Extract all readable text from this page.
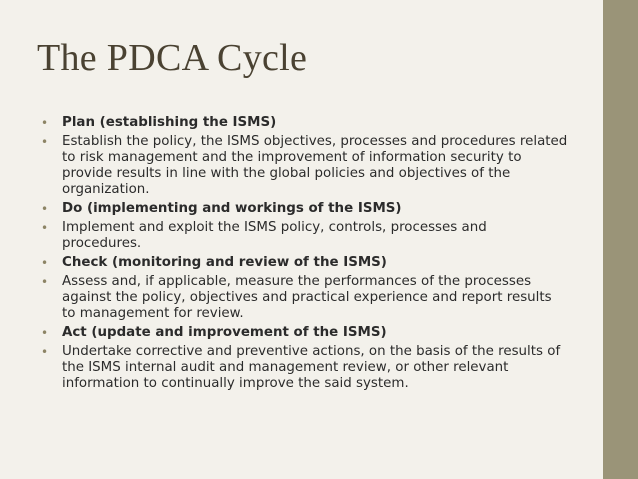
The PDCA Cycle
• Plan (establishing the ISMS)
• Establish the policy, the ISMS objectives, processes and procedures related to risk management and the improvement of information security to provide results in line with the global policies and objectives of the organization.
• Do (implementing and workings of the ISMS)
• Implement and exploit the ISMS policy, controls, processes and procedures.
• Check (monitoring and review of the ISMS)
• Assess and, if applicable, measure the performances of the processes against the policy, objectives and practical experience and report results to management for review.
• Act (update and improvement of the ISMS)
• Undertake corrective and preventive actions, on the basis of the results of the ISMS internal audit and management review, or other relevant information to continually improve the said system.
